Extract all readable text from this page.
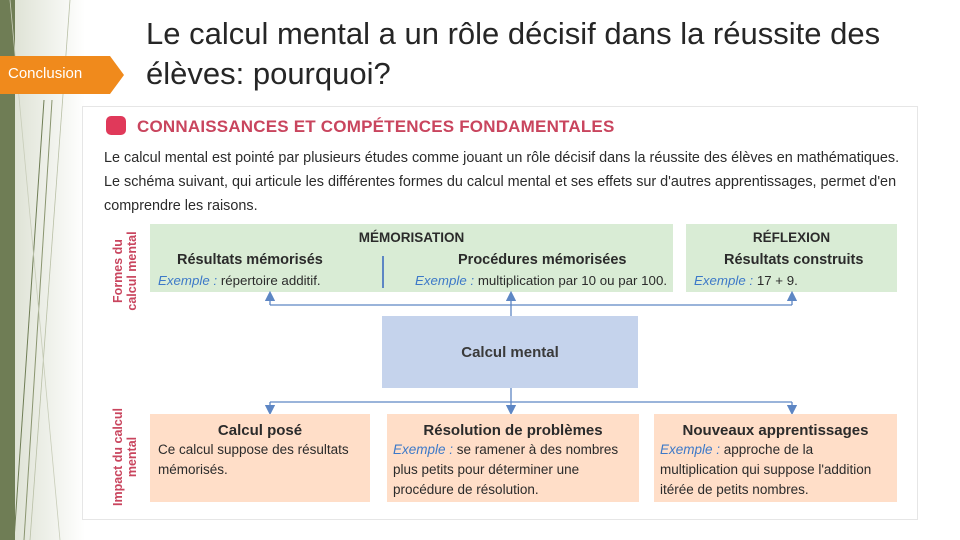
Conclusion
Le calcul mental a un rôle décisif dans la réussite des élèves: pourquoi?
CONNAISSANCES ET COMPÉTENCES FONDAMENTALES
Le calcul mental est pointé par plusieurs études comme jouant un rôle décisif dans la réussite des élèves en mathématiques. Le schéma suivant, qui articule les différentes formes du calcul mental et ses effets sur d'autres apprentissages, permet d'en comprendre les raisons.
Formes du calcul mental
Impact du calcul mental
MÉMORISATION
Résultats mémorisés
Exemple : répertoire additif.
Procédures mémorisées
Exemple : multiplication par 10 ou par 100.
RÉFLEXION
Résultats construits
Exemple : 17 + 9.
Calcul mental
Calcul posé
Ce calcul suppose des résultats
mémorisés.
Résolution de problèmes
Exemple : se ramener à des nombres
plus petits pour déterminer une
procédure de résolution.
Nouveaux apprentissages
Exemple : approche de la
multiplication qui suppose l'addition
itérée de petits nombres.
